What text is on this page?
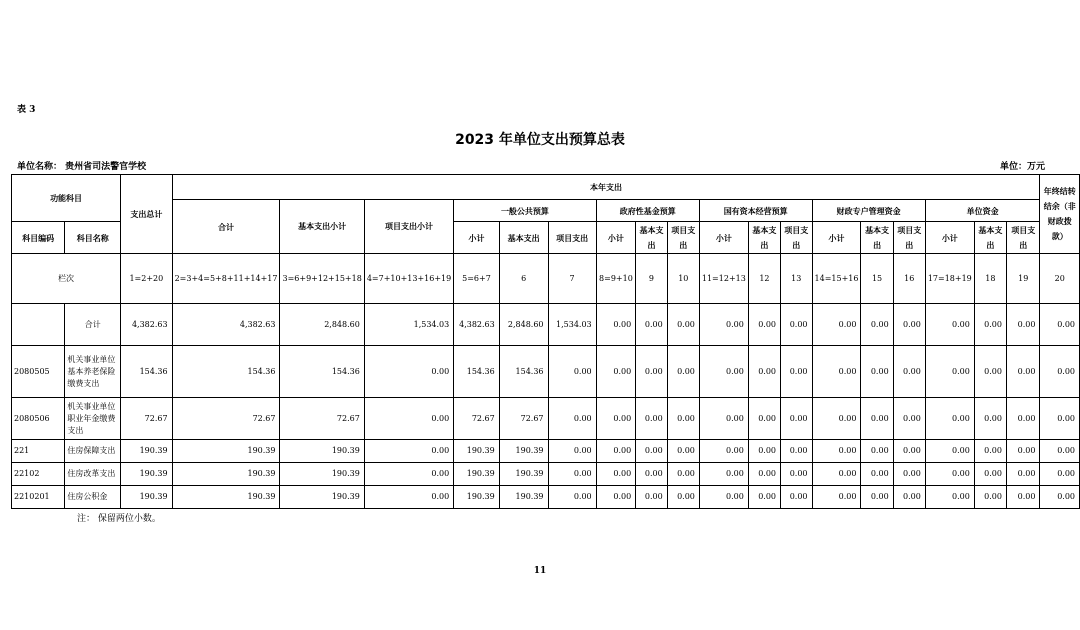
表 3
2023 年单位支出预算总表
单位名称： 贵州省司法警官学校	单位：万元
功能科目		支出总计	本年支出																		年终结转结余（非财政拨款）
			合计	基本支出小计	项目支出小计	一般公共预算			政府性基金预算			国有资本经营预算			财政专户管理资金			单位资金			
科目编码	科目名称					小计	基本支出	项目支出	小计	基本支出	项目支出	小计	基本支出	项目支出	小计	基本支出	项目支出	小计	基本支出	项目支出	
栏次		1=2+20	2=3+4=5+8+11+14+17	3=6+9+12+15+18	4=7+10+13+16+19	5=6+7	6	7	8=9+10	9	10	11=12+13	12	13	14=15+16	15	16	17=18+19	18	19	20
	合计	4,382.63	4,382.63	2,848.60	1,534.03	4,382.63	2,848.60	1,534.03	0.00	0.00	0.00	0.00	0.00	0.00	0.00	0.00	0.00	0.00	0.00	0.00	0.00
2080505	机关事业单位基本养老保险缴费支出	154.36	154.36	154.36	0.00	154.36	154.36	0.00	0.00	0.00	0.00	0.00	0.00	0.00	0.00	0.00	0.00	0.00	0.00	0.00	0.00
2080506	机关事业单位职业年金缴费支出	72.67	72.67	72.67	0.00	72.67	72.67	0.00	0.00	0.00	0.00	0.00	0.00	0.00	0.00	0.00	0.00	0.00	0.00	0.00	0.00
221	住房保障支出	190.39	190.39	190.39	0.00	190.39	190.39	0.00	0.00	0.00	0.00	0.00	0.00	0.00	0.00	0.00	0.00	0.00	0.00	0.00	0.00
22102	住房改革支出	190.39	190.39	190.39	0.00	190.39	190.39	0.00	0.00	0.00	0.00	0.00	0.00	0.00	0.00	0.00	0.00	0.00	0.00	0.00	0.00
2210201	住房公积金	190.39	190.39	190.39	0.00	190.39	190.39	0.00	0.00	0.00	0.00	0.00	0.00	0.00	0.00	0.00	0.00	0.00	0.00	0.00	0.00
注： 保留两位小数。
11
